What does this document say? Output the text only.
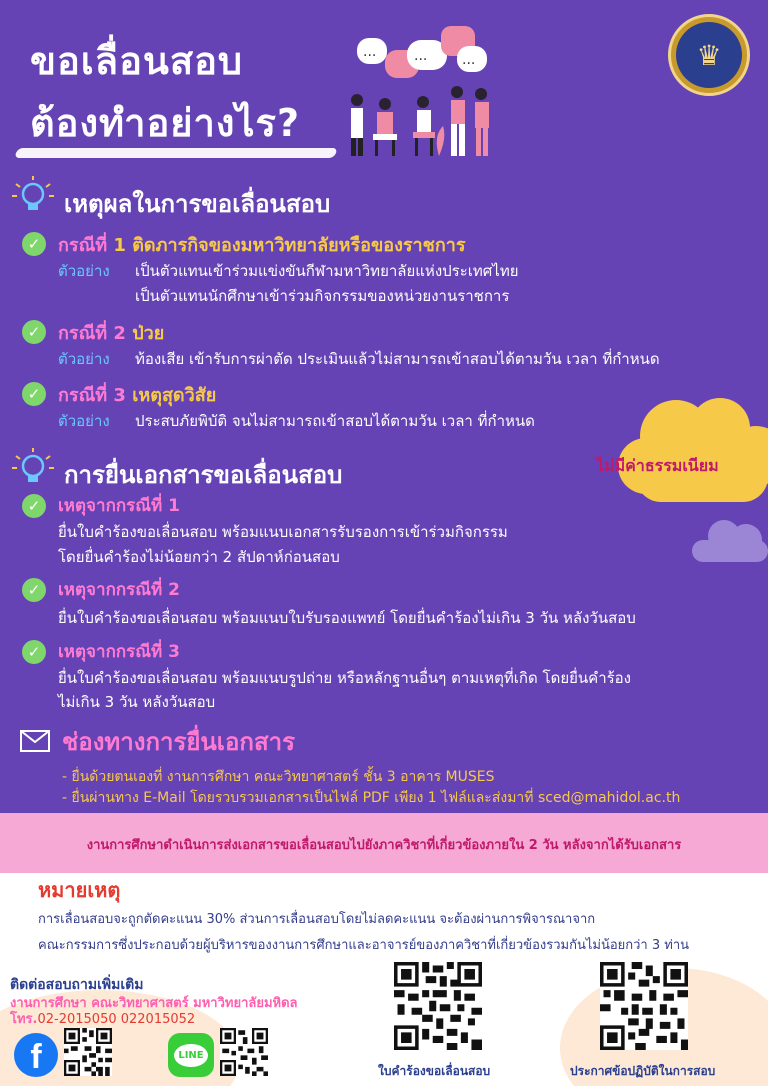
ขอเลื่อนสอบ
ต้องทำอย่างไร?
...	... ...	♛
เหตุผลในการขอเลื่อนสอบ
✓ กรณีที่ 1 ติดภารกิจของมหาวิทยาลัยหรือของราชการ
ตัวอย่าง เป็นตัวแทนเข้าร่วมแข่งขันกีฬามหาวิทยาลัยแห่งประเทศไทย
เป็นตัวแทนนักศึกษาเข้าร่วมกิจกรรมของหน่วยงานราชการ
✓ กรณีที่ 2 ป่วย
ตัวอย่าง ท้องเสีย เข้ารับการผ่าตัด ประเมินแล้วไม่สามารถเข้าสอบได้ตามวัน เวลา ที่กำหนด
✓ กรณีที่ 3 เหตุสุดวิสัย
ตัวอย่าง ประสบภัยพิบัติ จนไม่สามารถเข้าสอบได้ตามวัน เวลา ที่กำหนด
ไม่มีค่าธรรมเนียม
การยื่นเอกสารขอเลื่อนสอบ
✓	เหตุจากกรณีที่ 1
ยื่นใบคำร้องขอเลื่อนสอบ พร้อมแนบเอกสารรับรองการเข้าร่วมกิจกรรม
โดยยื่นคำร้องไม่น้อยกว่า 2 สัปดาห์ก่อนสอบ
✓	เหตุจากกรณีที่ 2
ยื่นใบคำร้องขอเลื่อนสอบ พร้อมแนบใบรับรองแพทย์ โดยยื่นคำร้องไม่เกิน 3 วัน หลังวันสอบ
✓	เหตุจากกรณีที่ 3
ยื่นใบคำร้องขอเลื่อนสอบ พร้อมแนบรูปถ่าย หรือหลักฐานอื่นๆ ตามเหตุที่เกิด โดยยื่นคำร้อง
ไม่เกิน 3 วัน หลังวันสอบ
ช่องทางการยื่นเอกสาร
- ยื่นด้วยตนเองที่ งานการศึกษา คณะวิทยาศาสตร์ ชั้น 3 อาคาร MUSES
- ยื่นผ่านทาง E-Mail โดยรวบรวมเอกสารเป็นไฟล์ PDF เพียง 1 ไฟล์และส่งมาที่ sced@mahidol.ac.th
งานการศึกษาดำเนินการส่งเอกสารขอเลื่อนสอบไปยังภาควิชาที่เกี่ยวข้องภายใน 2 วัน หลังจากได้รับเอกสาร
หมายเหตุ
การเลื่อนสอบจะถูกตัดคะแนน 30% ส่วนการเลื่อนสอบโดยไม่ลดคะแนน จะต้องผ่านการพิจารณาจาก
คณะกรรมการซึ่งประกอบด้วยผู้บริหารของงานการศึกษาและอาจารย์ของภาควิชาที่เกี่ยวข้องรวมกันไม่น้อยกว่า 3 ท่าน
ติดต่อสอบถามเพิ่มเติม
งานการศึกษา คณะวิทยาศาสตร์ มหาวิทยาลัยมหิดล
โทร.02-2015050 022015052
f	LINE
ใบคำร้องขอเลื่อนสอบ	ประกาศข้อปฏิบัติในการสอบ
